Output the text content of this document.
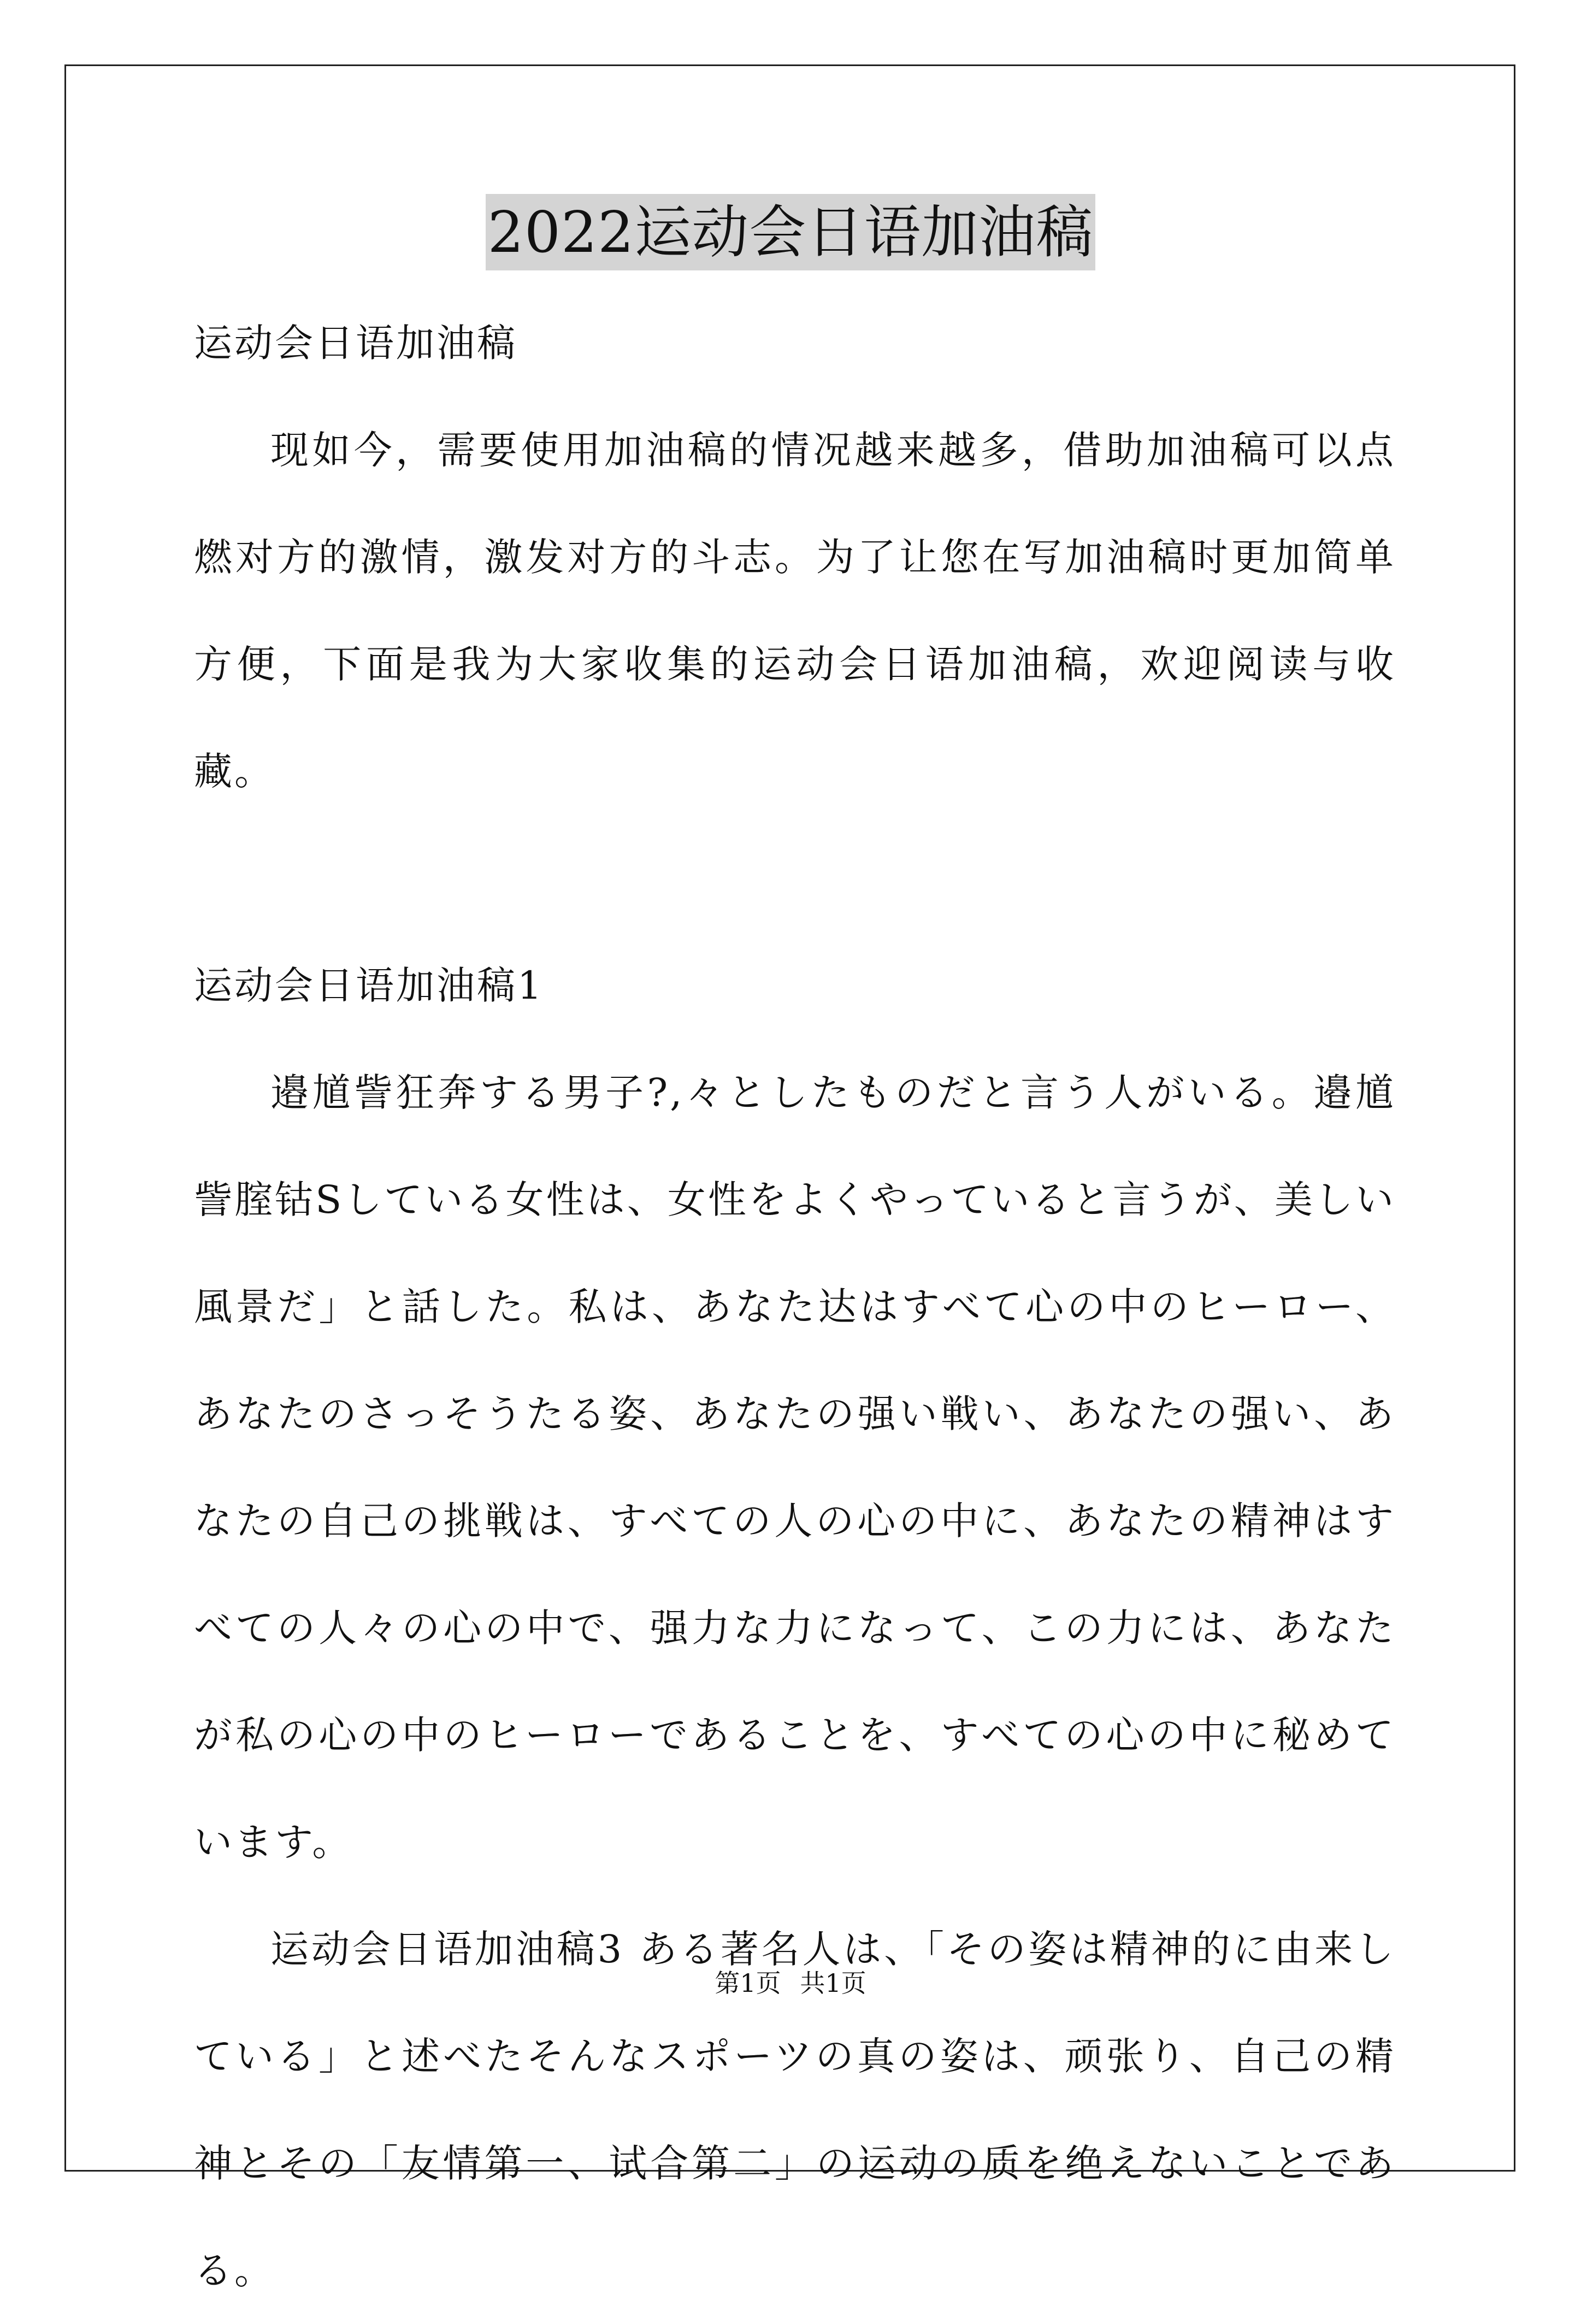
2022运动会日语加油稿

运动会日语加油稿

现如今，需要使用加油稿的情况越来越多，借助加油稿可以点燃对方的激情，激发对方的斗志。为了让您在写加油稿时更加简单方便，下面是我为大家收集的运动会日语加油稿，欢迎阅读与收藏。

运动会日语加油稿1

邉馗訾狂奔する男子?,々としたものだと言う人がいる。邉馗訾腟钴Sしている女性は、女性をよくやっていると言うが、美しい風景だ」と話した。私は、あなた达はすべて心の中のヒーロー、あなたのさっそうたる姿、あなたの强い戦い、あなたの强い、あなたの自己の挑戦は、すべての人の心の中に、あなたの精神はすべての人々の心の中で、强力な力になって、この力には、あなたが私の心の中のヒーローであることを、すべての心の中に秘めています。

运动会日语加油稿3 ある著名人は、「その姿は精神的に由来している」と述べたそんなスポーツの真の姿は、顽张り、自己の精神とその「友情第一、试合第二」の运动の质を绝えないことである。

第1页 共1页
